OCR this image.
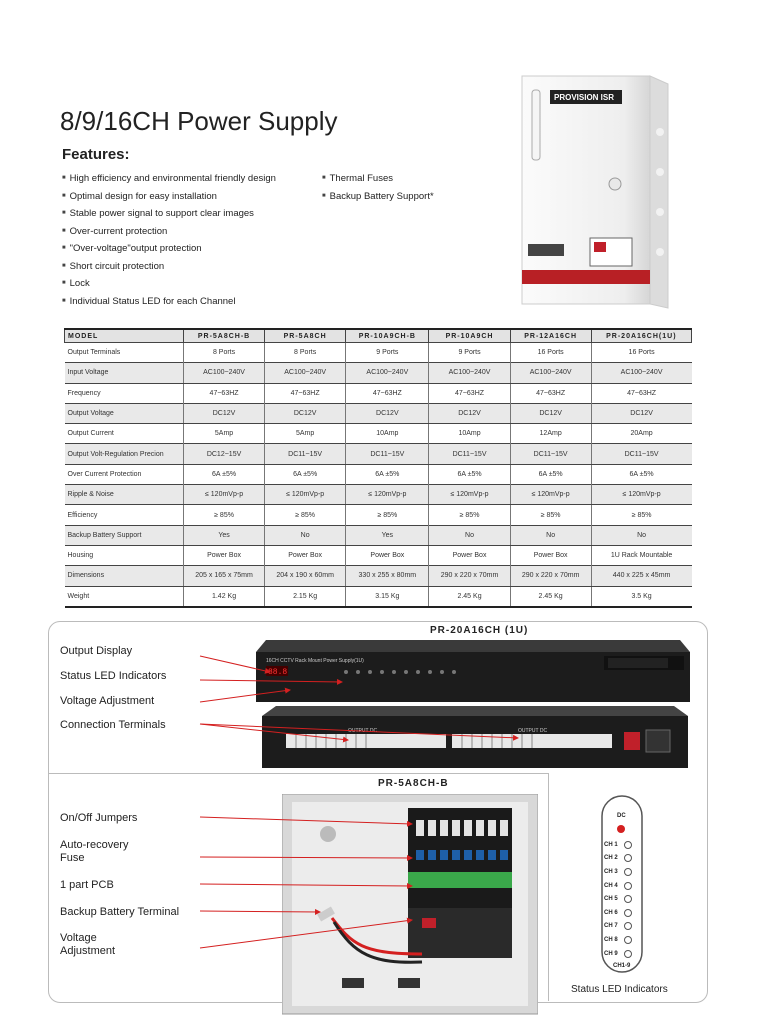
8/9/16CH Power Supply
Features:
■ High efficiency and environmental friendly design
■ Optimal design for easy installation
■ Stable power signal to support clear images
■ Over-current protection
■ "Over-voltage"output protection
■ Short circuit protection
■ Lock
■ Individual Status LED for each Channel
■ Thermal Fuses
■ Backup Battery Support*
PROVISION ISR
MODEL	PR-5A8CH-B	PR-5A8CH	PR-10A9CH-B	PR-10A9CH	PR-12A16CH	PR-20A16CH(1U)
Output Terminals	8 Ports	8 Ports	9 Ports	9 Ports	16 Ports	16 Ports
Input Voltage	AC100~240V	AC100~240V	AC100~240V	AC100~240V	AC100~240V	AC100~240V
Frequency	47~63HZ	47~63HZ	47~63HZ	47~63HZ	47~63HZ	47~63HZ
Output Voltage	DC12V	DC12V	DC12V	DC12V	DC12V	DC12V
Output Current	5Amp	5Amp	10Amp	10Amp	12Amp	20Amp
Output Volt-Regulation Precion	DC12~15V	DC11~15V	DC11~15V	DC11~15V	DC11~15V	DC11~15V
Over Current Protection	6A ±5%	6A ±5%	6A ±5%	6A ±5%	6A ±5%	6A ±5%
Ripple & Noise	≤ 120mVp-p	≤ 120mVp-p	≤ 120mVp-p	≤ 120mVp-p	≤ 120mVp-p	≤ 120mVp-p
Efficiency	≥ 85%	≥ 85%	≥ 85%	≥ 85%	≥ 85%	≥ 85%
Backup Battery Support	Yes	No	Yes	No	No	No
Housing	Power Box	Power Box	Power Box	Power Box	Power Box	1U Rack Mountable
Dimensions	205 x 165 x 75mm	204 x 190 x 60mm	330 x 255 x 80mm	290 x 220 x 70mm	290 x 220 x 70mm	440 x 225 x 45mm
Weight	1.42 Kg	2.15 Kg	3.15 Kg	2.45 Kg	2.45 Kg	3.5 Kg
PR-20A16CH (1U)
Output Display
Status LED Indicators
Voltage Adjustment
Connection Terminals
16CH CCTV Rack Mount Power Supply(1U)
88.8
OUTPUT DC	OUTPUT DC
PR-5A8CH-B
On/Off Jumpers
Auto-recovery
Fuse
1 part PCB
Backup Battery Terminal
Voltage
Adjustment
DC
CH 1
CH 2
CH 3
CH 4
CH 5
CH 6
CH 7
CH 8
CH 9
CH1-9
Status LED Indicators
